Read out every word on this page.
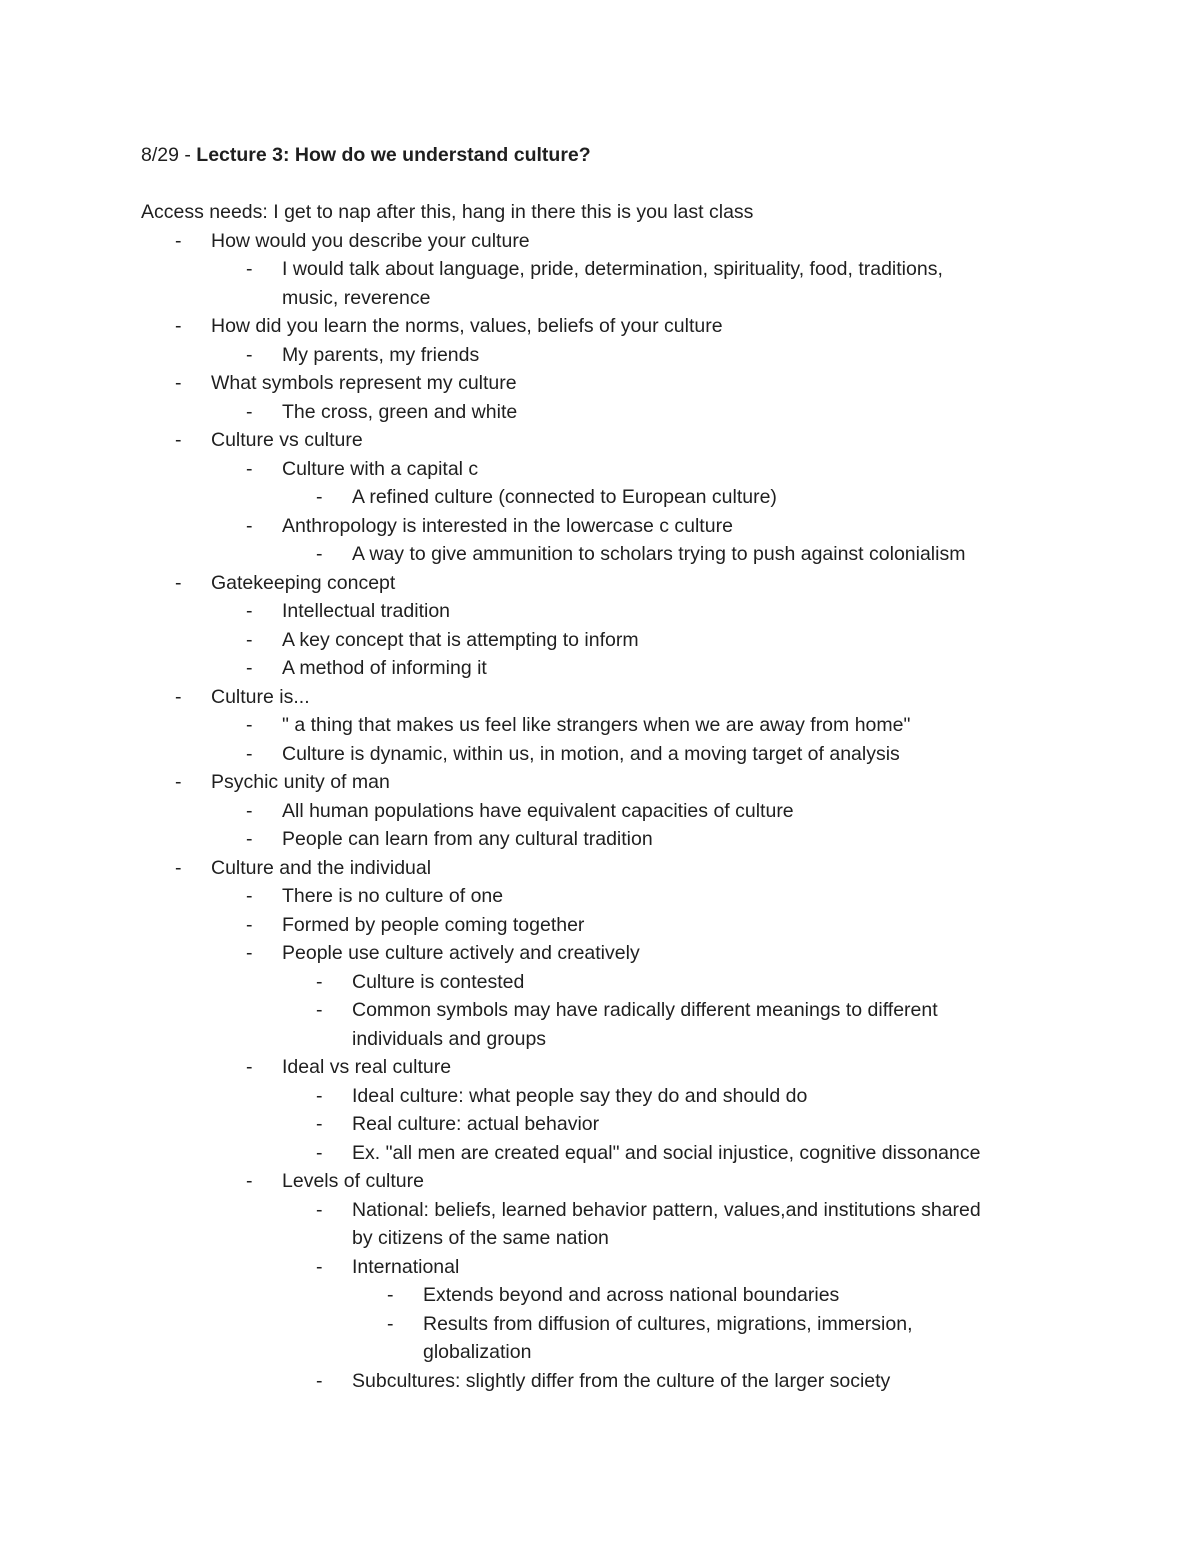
8/29 - Lecture 3: How do we understand culture?

Access needs: I get to nap after this, hang in there this is you last class

- How would you describe your culture
- I would talk about language, pride, determination, spirituality, food, traditions,
music, reverence
- How did you learn the norms, values, beliefs of your culture
- My parents, my friends
- What symbols represent my culture
- The cross, green and white
- Culture vs culture
- Culture with a capital c
- A refined culture (connected to European culture)
- Anthropology is interested in the lowercase c culture
- A way to give ammunition to scholars trying to push against colonialism
- Gatekeeping concept
- Intellectual tradition
- A key concept that is attempting to inform
- A method of informing it
- Culture is...
- " a thing that makes us feel like strangers when we are away from home"
- Culture is dynamic, within us, in motion, and a moving target of analysis
- Psychic unity of man
- All human populations have equivalent capacities of culture
- People can learn from any cultural tradition
- Culture and the individual
- There is no culture of one
- Formed by people coming together
- People use culture actively and creatively
- Culture is contested
- Common symbols may have radically different meanings to different
individuals and groups
- Ideal vs real culture
- Ideal culture: what people say they do and should do
- Real culture: actual behavior
- Ex. "all men are created equal" and social injustice, cognitive dissonance
- Levels of culture
- National: beliefs, learned behavior pattern, values,and institutions shared
by citizens of the same nation
- International
- Extends beyond and across national boundaries
- Results from diffusion of cultures, migrations, immersion,
globalization
- Subcultures: slightly differ from the culture of the larger society
